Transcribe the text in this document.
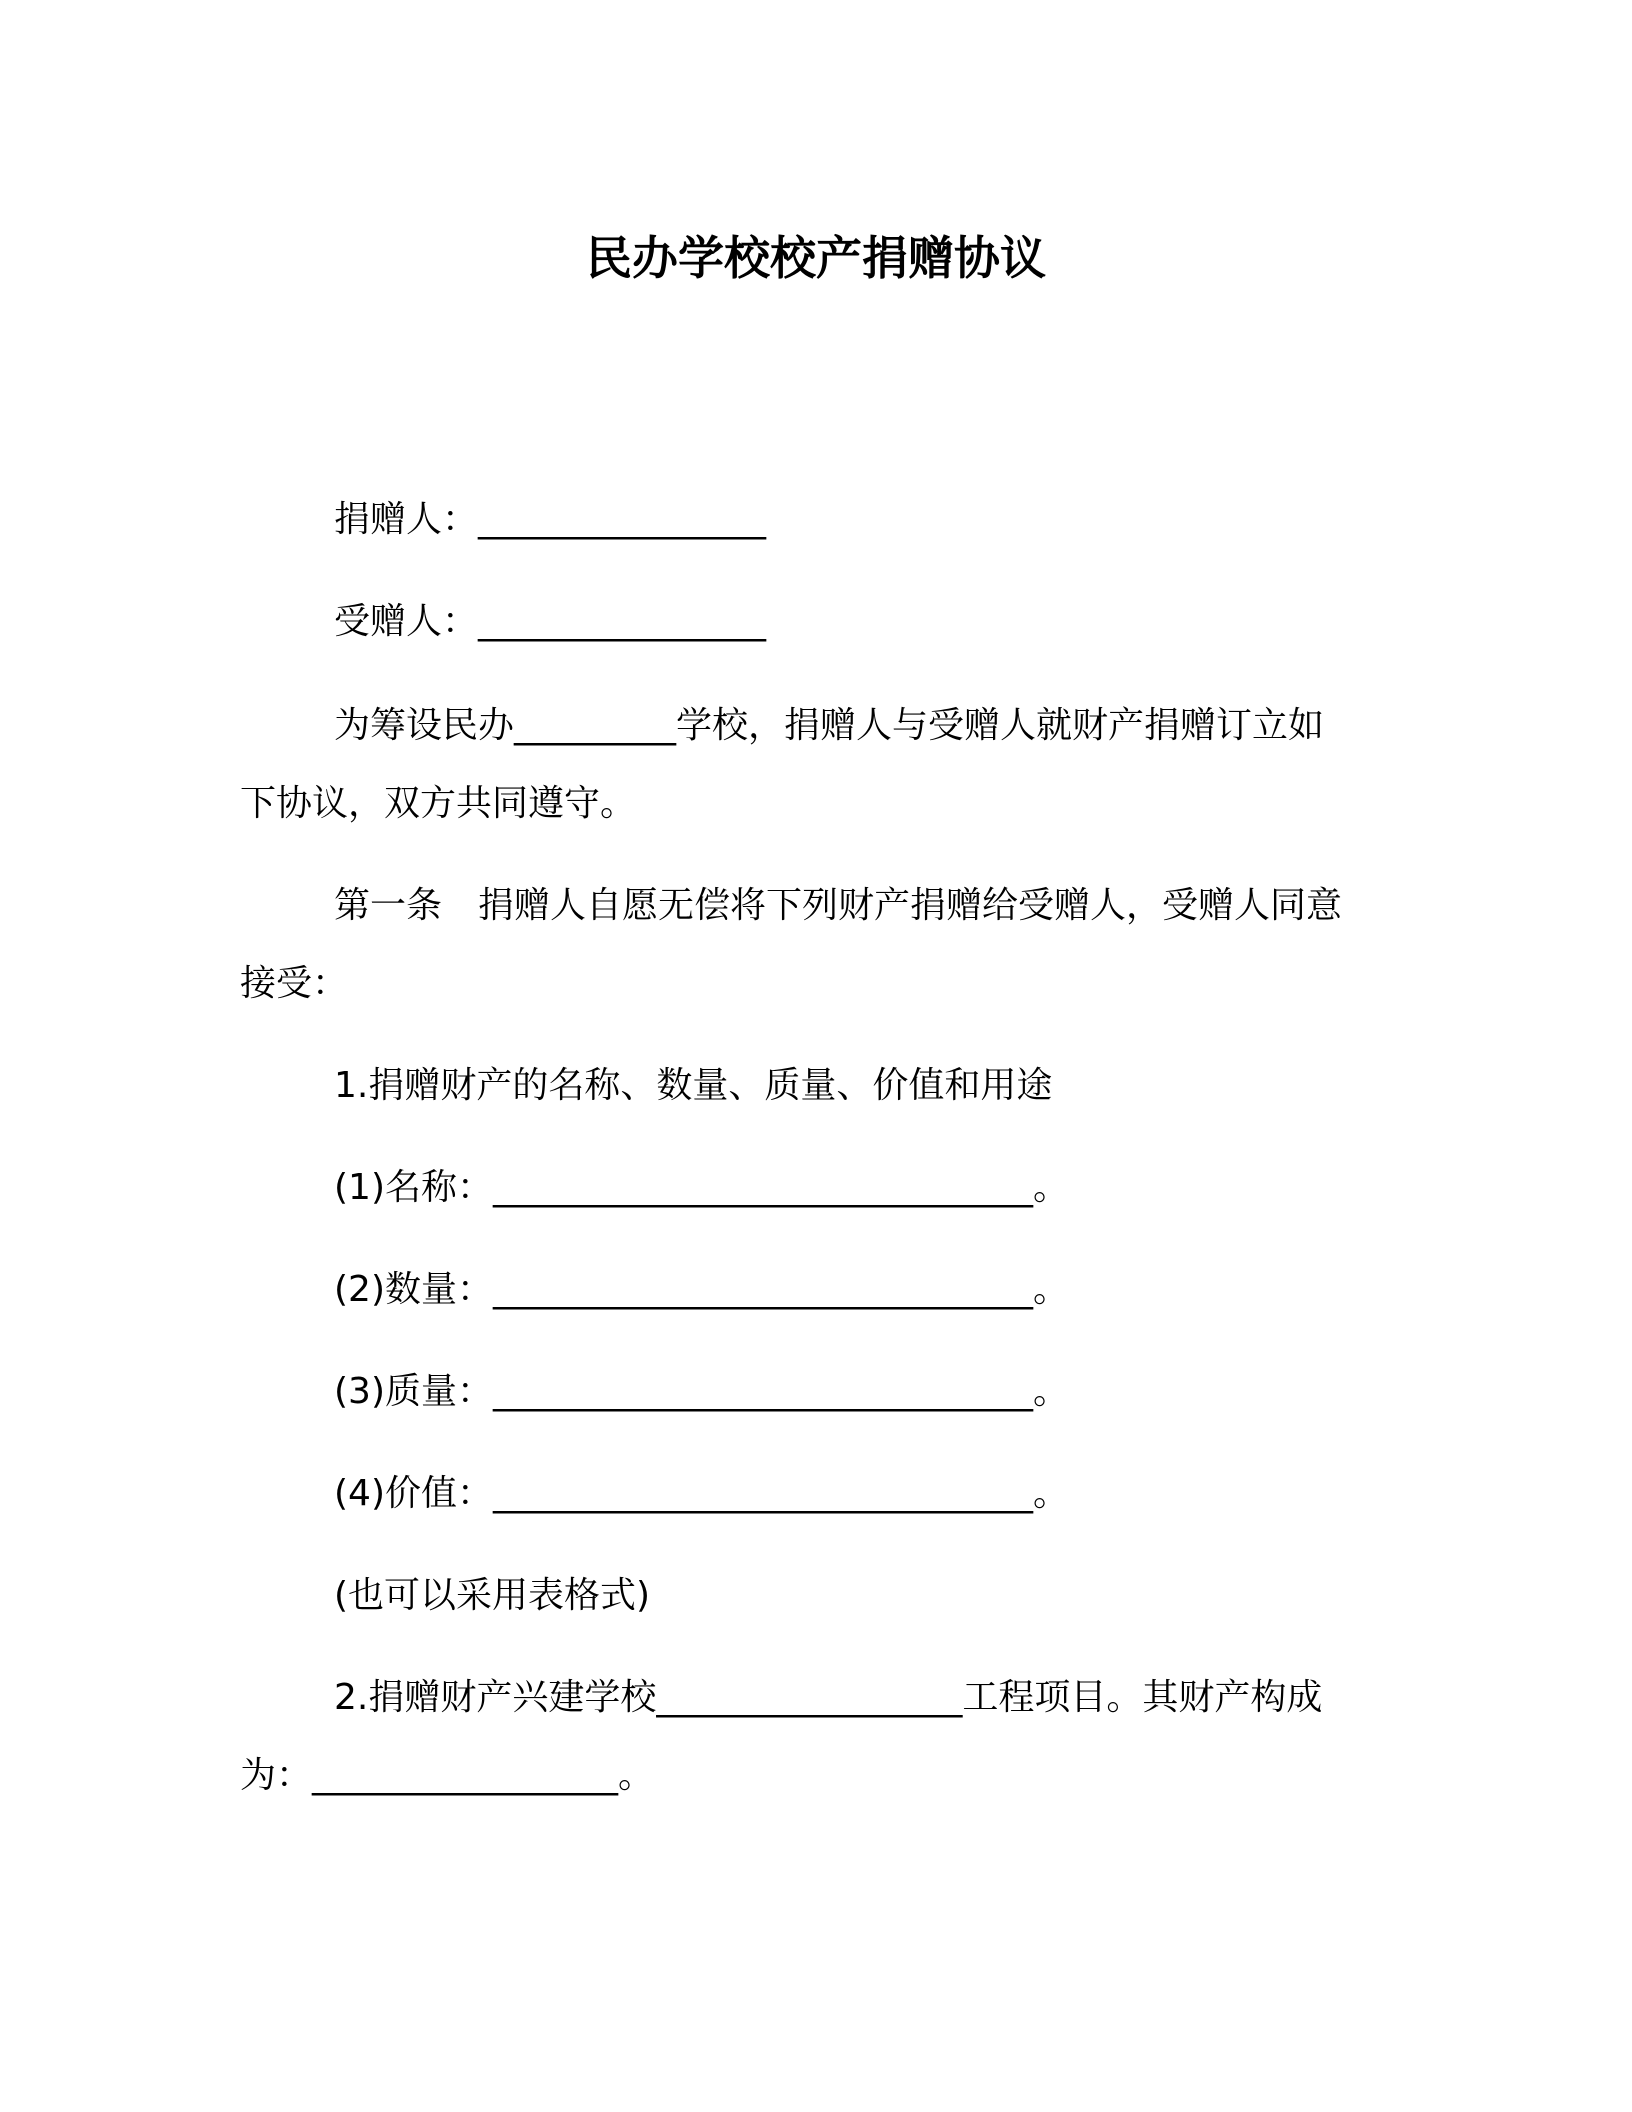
民办学校校产捐赠协议

捐赠人：________________

受赠人：________________

为筹设民办_________学校，捐赠人与受赠人就财产捐赠订立如

下协议，双方共同遵守。

第一条　捐赠人自愿无偿将下列财产捐赠给受赠人，受赠人同意

接受：

1.捐赠财产的名称、数量、质量、价值和用途

(1)名称：______________________________。

(2)数量：______________________________。

(3)质量：______________________________。

(4)价值：______________________________。

(也可以采用表格式)

2.捐赠财产兴建学校_________________工程项目。其财产构成

为：_________________。
